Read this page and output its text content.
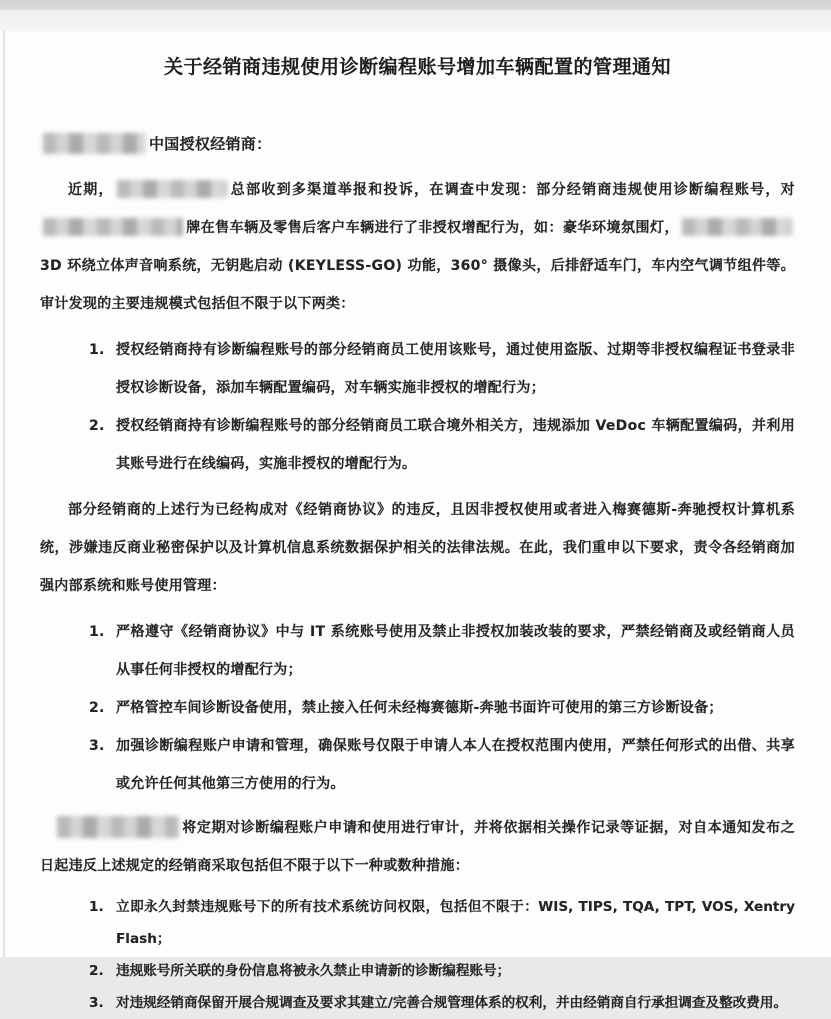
关于经销商违规使用诊断编程账号增加车辆配置的管理通知

中国授权经销商：

近期，	总部收到多渠道举报和投诉，在调查中发现：部分经销商违规使用诊断编程账号，对牌在售车辆及零售后客户车辆进行了非授权增配行为，如：豪华环境氛围灯，3D 环绕立体声音响系统，无钥匙启动 (KEYLESS-GO) 功能，360° 摄像头，后排舒适车门，车内空气调节组件等。审计发现的主要违规模式包括但不限于以下两类：

授权经销商持有诊断编程账号的部分经销商员工使用该账号，通过使用盗版、过期等非授权编程证书登录非授权诊断设备，添加车辆配置编码，对车辆实施非授权的增配行为；
授权经销商持有诊断编程账号的部分经销商员工联合境外相关方，违规添加 VeDoc 车辆配置编码，并利用其账号进行在线编码，实施非授权的增配行为。

部分经销商的上述行为已经构成对《经销商协议》的违反，且因非授权使用或者进入梅赛德斯-奔驰授权计算机系统，涉嫌违反商业秘密保护以及计算机信息系统数据保护相关的法律法规。在此，我们重申以下要求，责令各经销商加强内部系统和账号使用管理：

严格遵守《经销商协议》中与 IT 系统账号使用及禁止非授权加装改装的要求，严禁经销商及或经销商人员从事任何非授权的增配行为；
严格管控车间诊断设备使用，禁止接入任何未经梅赛德斯-奔驰书面许可使用的第三方诊断设备；
加强诊断编程账户申请和管理，确保账号仅限于申请人本人在授权范围内使用，严禁任何形式的出借、共享或允许任何其他第三方使用的行为。

将定期对诊断编程账户申请和使用进行审计，并将依据相关操作记录等证据，对自本通知发布之日起违反上述规定的经销商采取包括但不限于以下一种或数种措施：

立即永久封禁违规账号下的所有技术系统访问权限，包括但不限于：WIS, TIPS, TQA, TPT, VOS, Xentry Flash；
违规账号所关联的身份信息将被永久禁止申请新的诊断编程账号；
对违规经销商保留开展合规调查及要求其建立/完善合规管理体系的权利，并由经销商自行承担调查及整改费用。
